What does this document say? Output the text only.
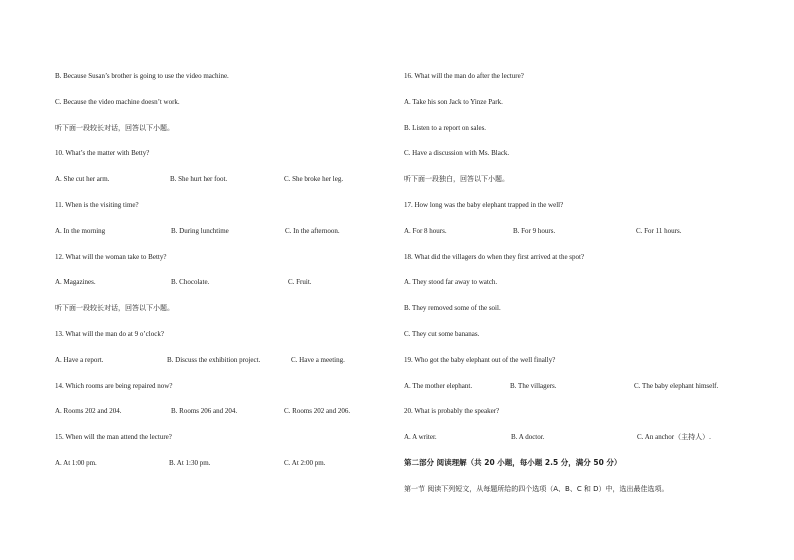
B. Because Susan’s brother is going to use the video machine.
C. Because the video machine doesn’t work.
听下面一段较长对话，回答以下小题。
10. What’s the matter with Betty?
A. She cut her arm.	B. She hurt her foot.	C. She broke her leg.
11. When is the visiting time?
A. In the morning	B. During lunchtime	C. In the afternoon.
12. What will the woman take to Betty?
A. Magazines.	B. Chocolate.	C. Fruit.
听下面一段较长对话，回答以下小题。
13. What will the man do at 9 o’clock?
A. Have a report.	B. Discuss the exhibition project.	C. Have a meeting.
14. Which rooms are being repaired now?
A. Rooms 202 and 204.	B. Rooms 206 and 204.	C. Rooms 202 and 206.
15. When will the man attend the lecture?
A. At 1:00 pm.	B. At 1:30 pm.	C. At 2:00 pm.
16. What will the man do after the lecture?
A. Take his son Jack to Yinze Park.
B. Listen to a report on sales.
C. Have a discussion with Ms. Black.
听下面一段独白，回答以下小题。
17. How long was the baby elephant trapped in the well?
A. For 8 hours.	B. For 9 hours.	C. For 11 hours.
18. What did the villagers do when they first arrived at the spot?
A. They stood far away to watch.
B. They removed some of the soil.
C. They cut some bananas.
19. Who got the baby elephant out of the well finally?
A. The mother elephant.	B. The villagers.	C. The baby elephant himself.
20. What is probably the speaker?
A. A writer.	B. A doctor.	C. An anchor（主持人）.
第二部分 阅读理解（共 20 小题，每小题 2.5 分，满分 50 分）
第一节 阅读下列短文，从每题所给的四个选项（A、B、C 和 D）中，选出最佳选项。
